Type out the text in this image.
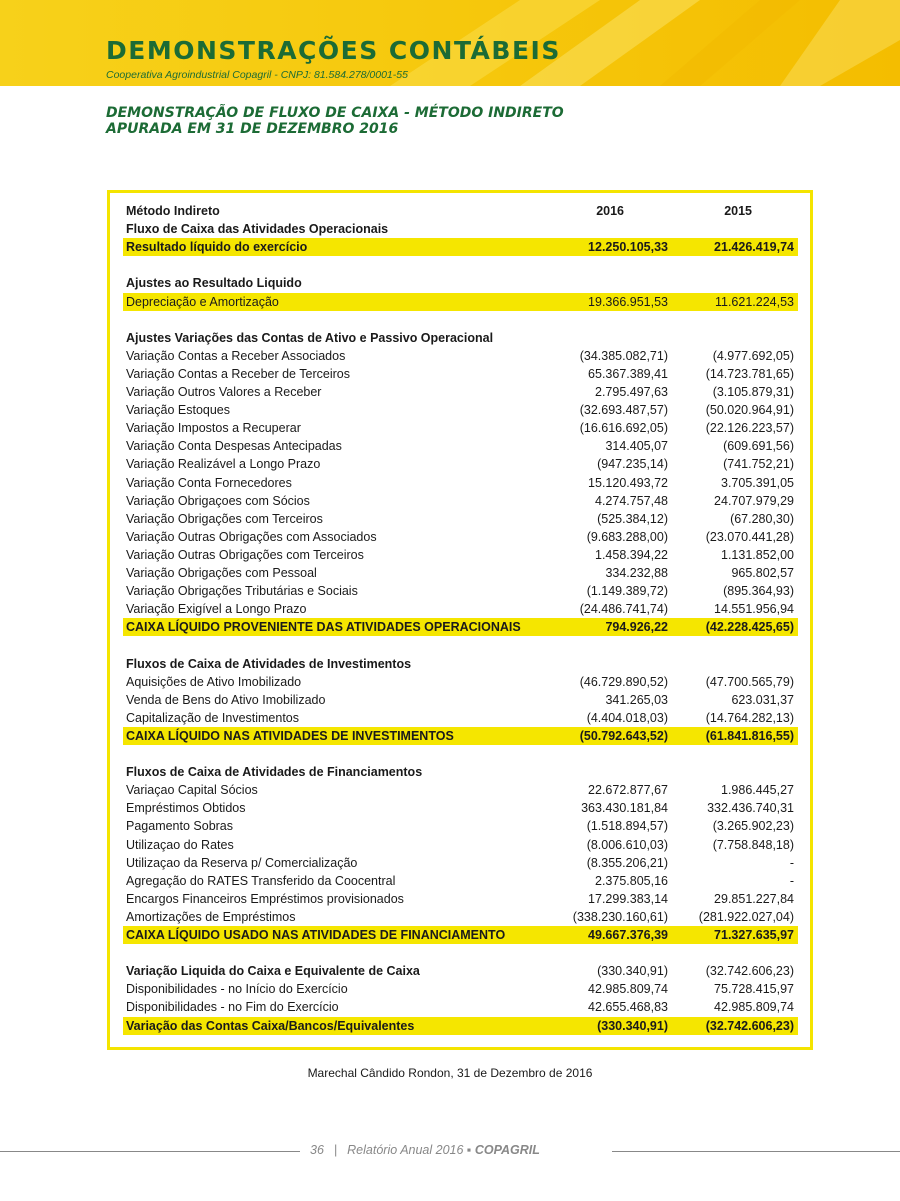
DEMONSTRAÇÕES CONTÁBEIS
Cooperativa Agroindustrial Copagril - CNPJ: 81.584.278/0001-55
DEMONSTRAÇÃO DE FLUXO DE CAIXA - MÉTODO INDIRETO
APURADA EM 31 DE DEZEMBRO 2016
Método Indireto	2016	2015
Fluxo de Caixa das Atividades Operacionais
Resultado líquido do exercício	12.250.105,33	21.426.419,74
Ajustes ao Resultado Liquido
Depreciação e Amortização	19.366.951,53	11.621.224,53
Ajustes Variações das Contas de Ativo e Passivo Operacional
Variação Contas a Receber Associados	(34.385.082,71)	(4.977.692,05)
Variação Contas a Receber de Terceiros	65.367.389,41	(14.723.781,65)
Variação Outros Valores a Receber	2.795.497,63	(3.105.879,31)
Variação Estoques	(32.693.487,57)	(50.020.964,91)
Variação Impostos a Recuperar	(16.616.692,05)	(22.126.223,57)
Variação Conta Despesas Antecipadas	314.405,07	(609.691,56)
Variação Realizável a Longo Prazo	(947.235,14)	(741.752,21)
Variação Conta Fornecedores	15.120.493,72	3.705.391,05
Variação Obrigaçoes com Sócios	4.274.757,48	24.707.979,29
Variação Obrigações com Terceiros	(525.384,12)	(67.280,30)
Variação Outras Obrigações com Associados	(9.683.288,00)	(23.070.441,28)
Variação Outras Obrigações com Terceiros	1.458.394,22	1.131.852,00
Variação Obrigações com Pessoal	334.232,88	965.802,57
Variação Obrigações Tributárias e Sociais	(1.149.389,72)	(895.364,93)
Variação Exigível a Longo Prazo	(24.486.741,74)	14.551.956,94
CAIXA LÍQUIDO PROVENIENTE DAS ATIVIDADES OPERACIONAIS	794.926,22	(42.228.425,65)
Fluxos de Caixa de Atividades de Investimentos
Aquisições de Ativo Imobilizado	(46.729.890,52)	(47.700.565,79)
Venda de Bens do Ativo Imobilizado	341.265,03	623.031,37
Capitalização de Investimentos	(4.404.018,03)	(14.764.282,13)
CAIXA LÍQUIDO NAS ATIVIDADES DE INVESTIMENTOS	(50.792.643,52)	(61.841.816,55)
Fluxos de Caixa de Atividades de Financiamentos
Variaçao Capital Sócios	22.672.877,67	1.986.445,27
Empréstimos Obtidos	363.430.181,84	332.436.740,31
Pagamento Sobras	(1.518.894,57)	(3.265.902,23)
Utilizaçao do Rates	(8.006.610,03)	(7.758.848,18)
Utilizaçao da Reserva p/ Comercialização	(8.355.206,21)	-
Agregação do RATES Transferido da Coocentral	2.375.805,16	-
Encargos Financeiros Empréstimos provisionados	17.299.383,14	29.851.227,84
Amortizações de Empréstimos	(338.230.160,61) (281.922.027,04)
CAIXA LÍQUIDO USADO NAS ATIVIDADES DE FINANCIAMENTO	49.667.376,39	71.327.635,97
Variação Liquida do Caixa e Equivalente de Caixa	(330.340,91)	(32.742.606,23)
Disponibilidades - no Início do Exercício	42.985.809,74	75.728.415,97
Disponibilidades - no Fim do Exercício	42.655.468,83	42.985.809,74
Variação das Contas Caixa/Bancos/Equivalentes	(330.340,91)	(32.742.606,23)
Marechal Cândido Rondon, 31 de Dezembro de 2016
36 | Relatório Anual 2016 ▪ COPAGRIL
